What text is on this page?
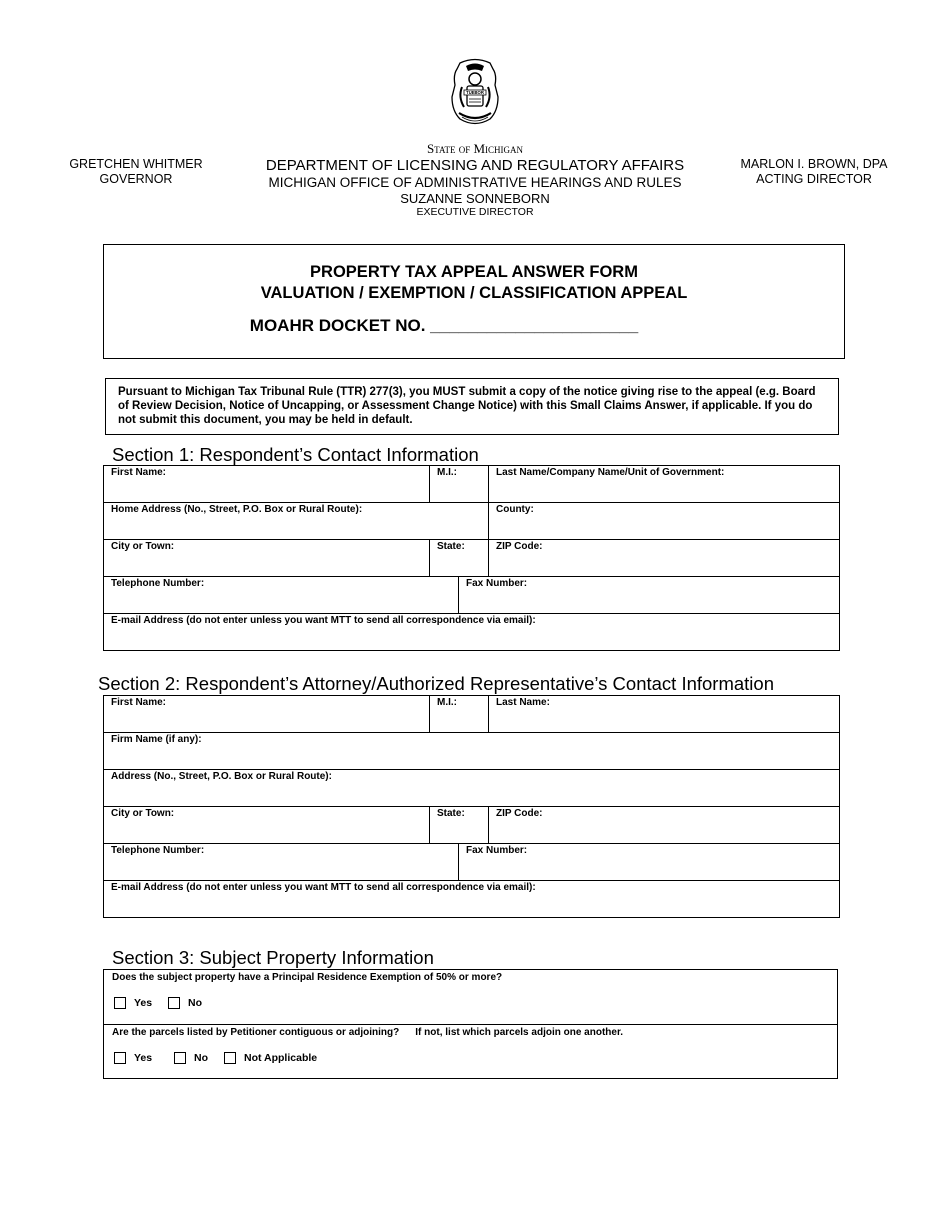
TUEBOR
GRETCHEN WHITMER
GOVERNOR
State of Michigan
DEPARTMENT OF LICENSING AND REGULATORY AFFAIRS
MICHIGAN OFFICE OF ADMINISTRATIVE HEARINGS AND RULES
SUZANNE SONNEBORN
EXECUTIVE DIRECTOR
MARLON I. BROWN, DPA
ACTING DIRECTOR
PROPERTY TAX APPEAL ANSWER FORM
VALUATION / EXEMPTION / CLASSIFICATION APPEAL
MOAHR DOCKET NO. ______________________
Pursuant to Michigan Tax Tribunal Rule (TTR) 277(3), you MUST submit a copy of the notice giving rise to the appeal (e.g. Board of Review Decision, Notice of Uncapping, or Assessment Change Notice) with this Small Claims Answer, if applicable. If you do not submit this document, you may be held in default.
Section 1: Respondent’s Contact Information
First Name:	M.I.:		Last Name/Company Name/Unit of Government:
Home Address (No., Street, P.O. Box or Rural Route):			County:
City or Town:	State:		ZIP Code:
Telephone Number:		Fax Number:	
E-mail Address (do not enter unless you want MTT to send all correspondence via email):			
Section 2: Respondent’s Attorney/Authorized Representative’s Contact Information
First Name:	M.I.:		Last Name:
Firm Name (if any):			
Address (No., Street, P.O. Box or Rural Route):			
City or Town:	State:		ZIP Code:
Telephone Number:		Fax Number:	
E-mail Address (do not enter unless you want MTT to send all correspondence via email):			
Section 3: Subject Property Information
Does the subject property have a Principal Residence Exemption of 50% or more?
Yes	No
Are the parcels listed by Petitioner contiguous or adjoining? If not, list which parcels adjoin one another.
Yes	No	Not Applicable
